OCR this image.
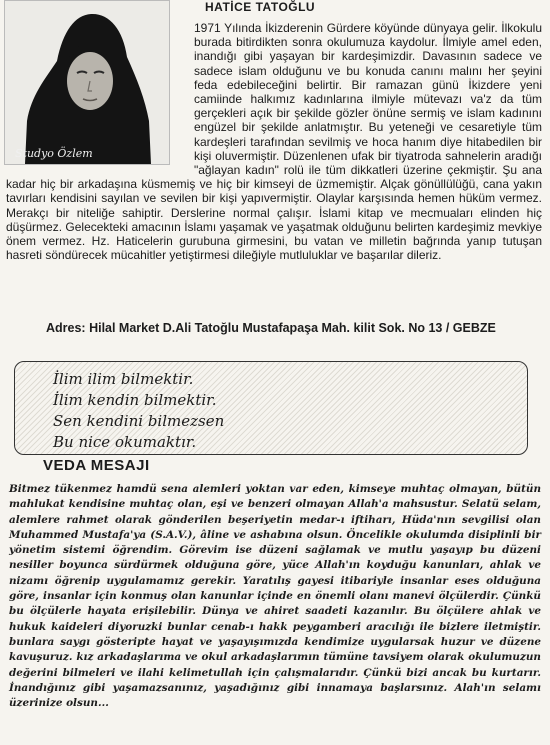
Studyo Özlem
HATİCE TATOĞLU
1971 Yılında İkizderenin Gürdere köyünde dünyaya gelir. İlkokulu burada bitirdikten sonra okulumuza kaydolur. İlmiyle amel eden, inandığı gibi yaşayan bir kardeşimizdir. Davasının sadece ve sadece islam olduğunu ve bu konuda canını malını her şeyini feda edebileceğini belirtir. Bir ramazan günü İkizdere yeni camiinde halkımız kadınlarına ilmiyle mütevazı va'z da tüm gerçekleri açık bir şekilde gözler önüne sermiş ve islam kadınını engüzel bir şekilde anlatmıştır. Bu yeteneği ve cesaretiyle tüm kardeşleri tarafından sevilmiş ve hoca hanım diye hitabedilen bir kişi oluvermiştir. Düzenlenen ufak bir tiyatroda sahnelerin aradığı "ağlayan kadın" rolü ile tüm dikkatleri üzerine çekmiştir. Şu ana kadar hiç bir arkadaşına küsmemiş ve hiç bir kimseyi de üzmemiştir. Alçak gönüllülüğü, cana yakın tavırları kendisini sayılan ve sevilen bir kişi yapıvermiştir. Olaylar karşısında hemen hüküm vermez. Merakçı bir niteliğe sahiptir. Derslerine normal çalışır. İslami kitap ve mecmuaları elinden hiç düşürmez. Gelecekteki amacının İslamı yaşamak ve yaşatmak olduğunu belirten kardeşimiz mevkiye önem vermez. Hz. Haticelerin gurubuna girmesini, bu vatan ve milletin bağrında yanıp tutuşan hasreti söndürecek mücahitler yetiştirmesi dileğiyle mutluluklar ve başarılar dileriz.

Adres: Hilal Market D.Ali Tatoğlu Mustafapaşa Mah. kilit Sok. No 13 / GEBZE

İlim ilim bilmektir.
İlim kendin bilmektir.
Sen kendini bilmezsen
Bu nice okumaktır.
VEDA MESAJI

Bitmez tükenmez hamdü sena alemleri yoktan var eden, kimseye muhtaç olmayan, bütün mahlukat kendisine muhtaç olan, eşi ve benzeri olmayan Allah'a mahsustur. Selatü selam, alemlere rahmet olarak gönderilen beşeriyetin medar-ı iftiharı, Hüda'nın sevgilisi olan Muhammed Mustafa'ya (S.A.V.), âline ve ashabına olsun. Öncelikle okulumda disiplinli bir yönetim sistemi öğrendim. Görevim ise düzeni sağlamak ve mutlu yaşayıp bu düzeni nesiller boyunca sürdürmek olduğuna göre, yüce Allah'ın koyduğu kanunları, ahlak ve nizamı öğrenip uygulamamız gerekir. Yaratılış gayesi itibariyle insanlar eses olduğuna göre, insanlar için konmuş olan kanunlar içinde en önemli olanı manevi ölçülerdir. Çünkü bu ölçülerle hayata erişilebilir. Dünya ve ahiret saadeti kazanılır. Bu ölçülere ahlak ve hukuk kaideleri diyoruzki bunlar cenab-ı hakk peygamberi aracılığı ile bizlere iletmiştir. bunlara saygı gösteripte hayat ve yaşayışımızda kendimize uygularsak huzur ve düzene kavuşuruz. kız arkadaşlarıma ve okul arkadaşlarımın tümüne tavsiyem olarak okulumuzun değerini bilmeleri ve ilahi kelimetullah için çalışmalarıdır. Çünkü bizi ancak bu kurtarır. İnandığınız gibi yaşamazsanınız, yaşadığınız gibi innamaya başlarsınız. Alah'ın selamı üzerinize olsun...
